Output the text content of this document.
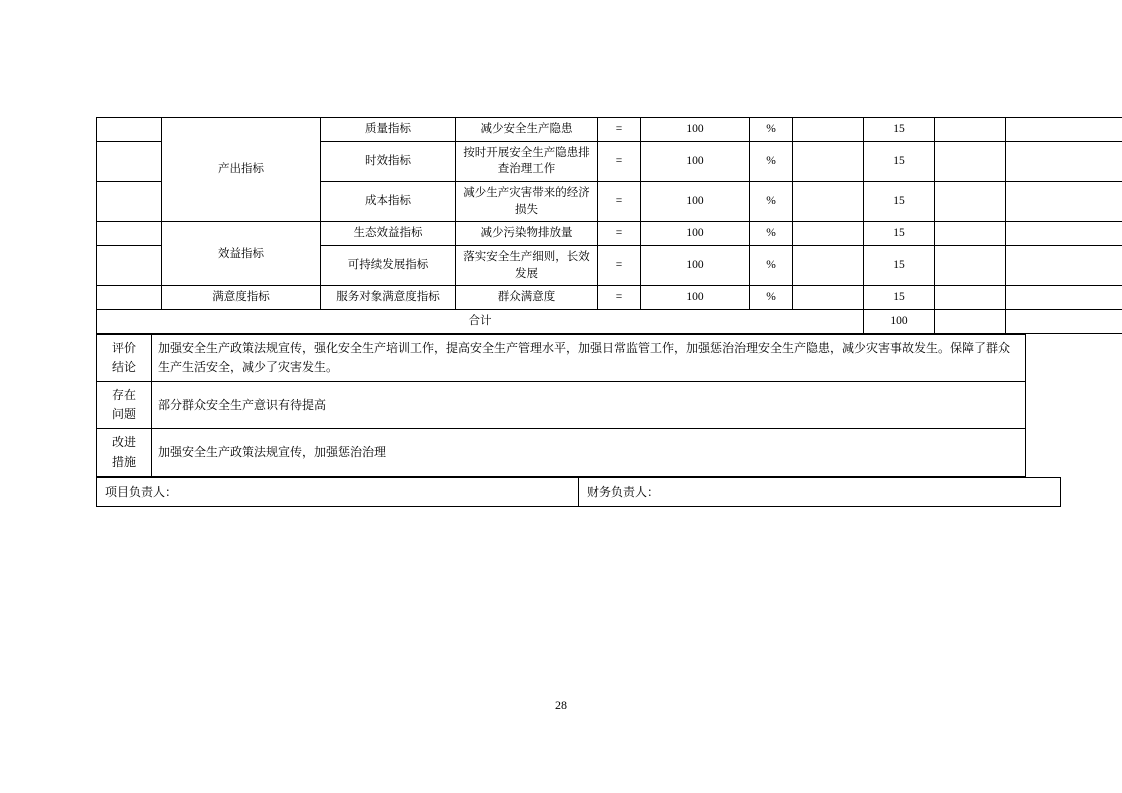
	产出指标	质量指标	减少安全生产隐患	=	100	%		15		
		时效指标	按时开展安全生产隐患排查治理工作	=	100	%		15		
		成本指标	减少生产灾害带来的经济损失	=	100	%		15		
	效益指标	生态效益指标	减少污染物排放量	=	100	%		15		
		可持续发展指标	落实安全生产细则，长效发展	=	100	%		15		
	满意度指标	服务对象满意度指标	群众满意度	=	100	%		15		
合计								100		
评价
结论	加强安全生产政策法规宣传，强化安全生产培训工作，提高安全生产管理水平，加强日常监管工作，加强惩治治理安全生产隐患，减少灾害事故发生。保障了群众生产生活安全，减少了灾害发生。

存在
问题	部分群众安全生产意识有待提高

改进
措施	加强安全生产政策法规宣传，加强惩治治理
项目负责人：	财务负责人：
28
